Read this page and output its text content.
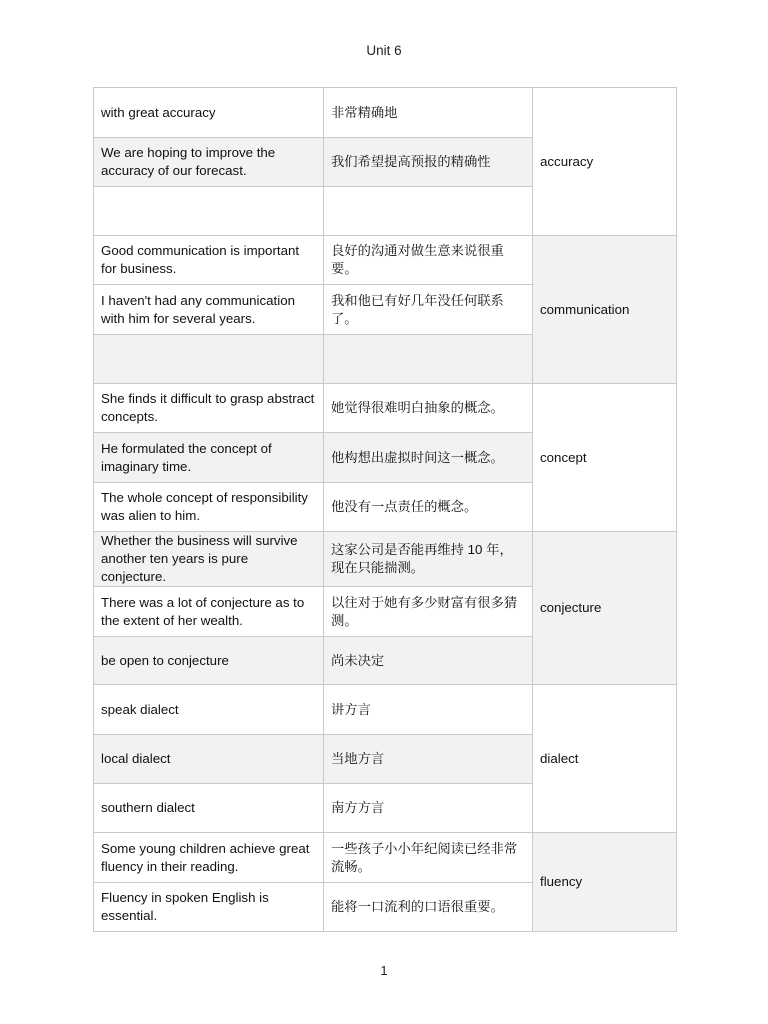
Unit 6
with great accuracy	非常精确地	accuracy
We are hoping to improve the accuracy of our forecast.	我们希望提高预报的精确性	

Good communication is important for business.	良好的沟通对做生意来说很重要。	communication
I haven't had any communication with him for several years.	我和他已有好几年没任何联系了。	

She finds it difficult to grasp abstract concepts.	她觉得很难明白抽象的概念。	concept
He formulated the concept of imaginary time.	他构想出虚拟时间这一概念。	
The whole concept of responsibility was alien to him.	他没有一点责任的概念。	
Whether the business will survive another ten years is pure conjecture.	这家公司是否能再维持 10 年，现在只能揣测。	conjecture
There was a lot of conjecture as to the extent of her wealth.	以往对于她有多少财富有很多猜测。	
be open to conjecture	尚未决定	
speak dialect	讲方言	dialect
local dialect	当地方言	
southern dialect	南方方言	
Some young children achieve great fluency in their reading.	一些孩子小小年纪阅读已经非常流畅。	fluency
Fluency in spoken English is essential.	能将一口流利的口语很重要。	
1
